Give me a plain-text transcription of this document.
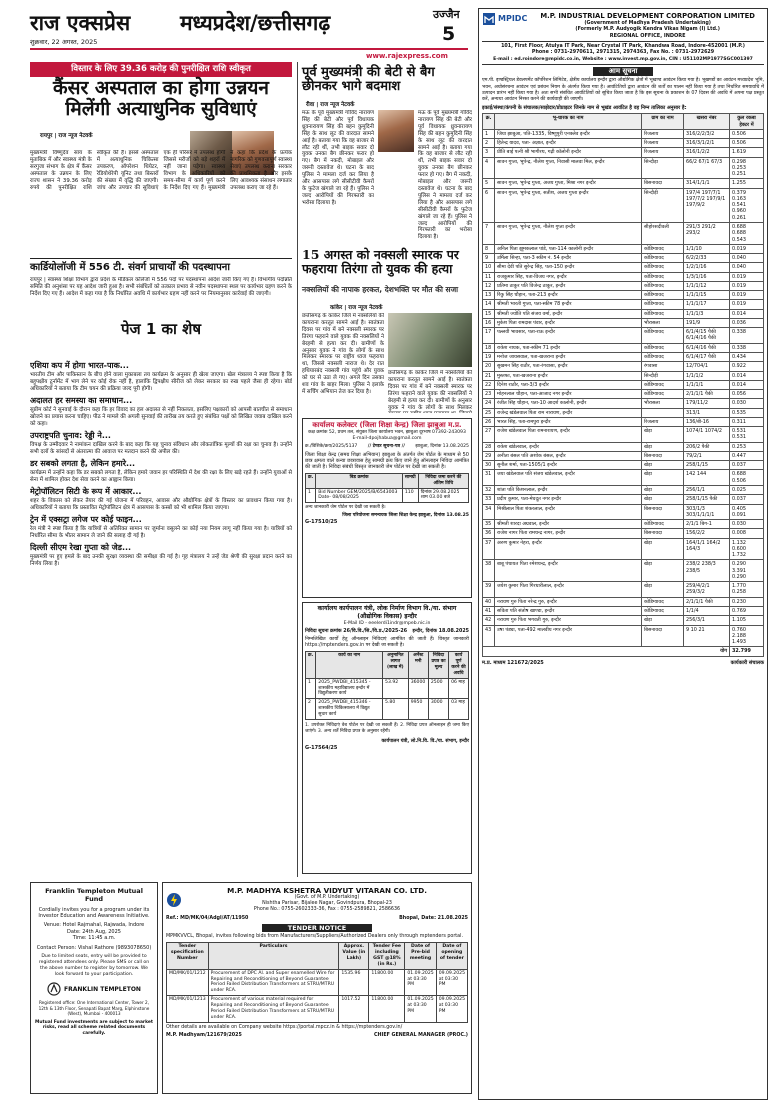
राज एक्सप्रेस मध्यप्रदेश/छत्तीसगढ़	उज्जैन
5
शुक्रवार, 22 अगस्त, 2025
www.rajexpress.com
विस्तार के लिए 39.36 करोड़ की पुनरीक्षित राशि स्वीकृत
कैंसर अस्पताल का होगा उन्नयन मिलेंगी अत्याधुनिक सुविधाएं
रायपुर | राज न्यूज नेटवर्क
मुख्यमंत्री विष्णुदेव साय के मुताबिक में और स्वास्थ्य मंत्री के सरगुजा संभाग के क्षेत्र में कैंसर अस्पताल के उन्नयन के लिए राज्य शासन ने 39.36 करोड़ रुपये की पुनरीक्षित राशि स्वीकृत की है। इससे अस्पताल में अत्याधुनिक चिकित्सा उपकरण, ऑपरेशन थियेटर, रेडियोथेरेपी यूनिट तथा बिस्तरों की संख्या में वृद्धि की जाएगी। जांच और उपचार की सुविधाएं एक ही परिसर में उपलब्ध होंगी जिससे मरीजों को बड़े शहरों में नहीं जाना पड़ेगा। स्वास्थ्य विभाग के अधिकारियों को समय-सीमा में कार्य पूर्ण करने के निर्देश दिए गए हैं। मुख्यमंत्री ने कहा कि प्रदेश के प्रत्येक नागरिक को गुणवत्तापूर्ण स्वास्थ्य सेवाएं उपलब्ध कराना सरकार की प्राथमिकता है और इसके लिए आवश्यक संसाधन लगातार उपलब्ध कराए जा रहे हैं।
पूर्व मुख्यमंत्री की बेटी से बैग छीनकर भागे बदमाश
रीवा | राज न्यूज नेटवर्क
मऊ के पूर्व मुख्यमंत्री गोविंद नारायण सिंह की बेटी और पूर्व विधायक ध्रुवनारायण सिंह की बहन कुमुदिनी सिंह के साथ लूट की वारदात सामने आई है। बताया गया कि वह बाजार से लौट रही थीं, तभी बाइक सवार दो युवक उनका बैग छीनकर फरार हो गए। बैग में नकदी, मोबाइल और जरूरी दस्तावेज थे। घटना के बाद पुलिस ने मामला दर्ज कर लिया है और आसपास लगे सीसीटीवी कैमरों के फुटेज खंगाले जा रहे हैं। पुलिस ने जल्द आरोपियों की गिरफ्तारी का भरोसा दिलाया है।
मऊ के पूर्व मुख्यमंत्री गोविंद नारायण सिंह की बेटी और पूर्व विधायक ध्रुवनारायण सिंह की बहन कुमुदिनी सिंह के साथ लूट की वारदात सामने आई है। बताया गया कि वह बाजार से लौट रही थीं, तभी बाइक सवार दो युवक उनका बैग छीनकर फरार हो गए। बैग में नकदी, मोबाइल और जरूरी दस्तावेज थे। घटना के बाद पुलिस ने मामला दर्ज कर लिया है और आसपास लगे सीसीटीवी कैमरों के फुटेज खंगाले जा रहे हैं। पुलिस ने जल्द आरोपियों की गिरफ्तारी का भरोसा दिलाया है।
कार्डियोलॉजी में 556 टी. संवर्ग प्राचार्यों की पदस्थापना
रायपुर | स्वास्थ्य शिक्षा विभाग द्वारा प्रदेश के मेडिकल कॉलेजों में 556 पदों पर पदस्थापना आदेश जारी किए गए हैं। विभागीय पदोन्नति समिति की अनुशंसा पर यह आदेश जारी हुआ है। सभी संबंधितों को तत्काल प्रभाव से नवीन पदस्थापना स्थल पर कार्यभार ग्रहण करने के निर्देश दिए गए हैं। आदेश में कहा गया है कि निर्धारित अवधि में कार्यभार ग्रहण नहीं करने पर नियमानुसार कार्रवाई की जाएगी।
15 अगस्त को नक्सली स्मारक पर फहराया तिरंगा तो युवक की हत्या
नक्सलियों की नापाक हरकत, देशभक्ति पर मौत की सजा
कांकेर | राज न्यूज नेटवर्क
छत्तीसगढ़ के कांकेर जिले में नक्सलियों की कायराना करतूत सामने आई है। स्वतंत्रता दिवस पर गांव में बने नक्सली स्मारक पर तिरंगा फहराने वाले युवक की नक्सलियों ने बेरहमी से हत्या कर दी। ग्रामीणों के अनुसार युवक ने गांव के लोगों के साथ मिलकर स्मारक पर राष्ट्रीय ध्वज फहराया था, जिससे नक्सली नाराज थे। देर रात हथियारबंद नक्सली गांव पहुंचे और युवक को घर से उठा ले गए। अगले दिन उसका शव गांव के बाहर मिला। पुलिस ने इलाके में सर्चिंग अभियान तेज कर दिया है।
छत्तीसगढ़ के कांकेर जिले में नक्सलियों की कायराना करतूत सामने आई है। स्वतंत्रता दिवस पर गांव में बने नक्सली स्मारक पर तिरंगा फहराने वाले युवक की नक्सलियों ने बेरहमी से हत्या कर दी। ग्रामीणों के अनुसार युवक ने गांव के लोगों के साथ मिलकर
पेज 1 का शेष
एशिया कप में होगा भारत-पाक...
भारतीय टीम और पाकिस्तान के बीच होने वाला मुकाबला तय कार्यक्रम के अनुसार ही खेला जाएगा। खेल मंत्रालय ने स्पष्ट किया है कि बहुपक्षीय टूर्नामेंट में भाग लेने पर कोई रोक नहीं है, हालांकि द्विपक्षीय सीरीज को लेकर सरकार का रुख पहले जैसा ही रहेगा। बोर्ड अधिकारियों ने बताया कि टीम चयन की प्रक्रिया जल्द पूरी होगी।
अदालत हर समस्या का समाधान...
सुप्रीम कोर्ट ने सुनवाई के दौरान कहा कि हर विवाद का हल अदालत से नहीं निकलता, इसलिए पक्षकारों को आपसी बातचीत से समाधान खोजने का प्रयास करना चाहिए। पीठ ने मामले की अगली सुनवाई की तारीख तय करते हुए संबंधित पक्षों को लिखित जवाब दाखिल करने को कहा।
उपराष्ट्रपति चुनाव: रेड्डी ने...
विपक्ष के उम्मीदवार ने नामांकन दाखिल करने के बाद कहा कि यह चुनाव संविधान और लोकतांत्रिक मूल्यों की रक्षा का चुनाव है। उन्होंने सभी दलों के सांसदों से अंतरात्मा की आवाज पर मतदान करने की अपील की।
डर सबको लगता है, लेकिन हमारे...
कार्यक्रम में उन्होंने कहा कि डर सबको लगता है, लेकिन हमारे जवान हर परिस्थिति में देश की रक्षा के लिए खड़े रहते हैं। उन्होंने युवाओं से सेना में शामिल होकर देश सेवा करने का आह्वान किया।
मेट्रोपॉलिटन सिटी के रूप में आकार...
शहर के विकास को लेकर तैयार की गई योजना में परिवहन, आवास और औद्योगिक क्षेत्रों के विस्तार का प्रावधान किया गया है। अधिकारियों ने बताया कि प्रस्तावित मेट्रोपॉलिटन क्षेत्र में आसपास के कस्बों को भी शामिल किया जाएगा।
ट्रेन में एक्सट्रा लगेज पर कोई फाइन...
रेल मंत्री ने स्पष्ट किया है कि यात्रियों से अतिरिक्त सामान पर जुर्माना वसूलने का कोई नया नियम लागू नहीं किया गया है। यात्रियों को निर्धारित सीमा के भीतर सामान ले जाने की सलाह दी गई है।
दिल्ली सीएम रेखा गुप्ता को जेड...
मुख्यमंत्री पर हुए हमले के बाद उनकी सुरक्षा व्यवस्था की समीक्षा की गई है। गृह मंत्रालय ने उन्हें जेड श्रेणी की सुरक्षा प्रदान करने का निर्णय लिया है।
कार्यालय कलेक्टर (जिला शिक्षा केन्द्र) जिला झाबुआ म.प्र.
कक्ष क्रमांक 52, प्रथम तल, संयुक्त जिला कार्यालय भवन, झाबुआ दूरभाष 07392-243093
E-mail-dpojhabua@gmail.com
क्र./विशिके/क्रय/2025/5137 // टेण्डर सूचना-पत्र // झाबुआ, दिनांक 13.08.2025
जिला शिक्षा केन्द्र (समग्र शिक्षा अभियान) झाबुआ के अंतर्गत जेम पोर्टल के माध्यम से 50 छात्र क्षमता वाले कन्या छात्रावास हेतु सामग्री क्रय किए जाने हेतु ऑनलाइन निविदा आमंत्रित की जाती है। निविदा संबंधी विस्तृत जानकारी जेम पोर्टल पर देखी जा सकती है।
क्र.	बिड क्रमांक	सामग्री	निविदा जमा करने की अंतिम तिथि
1	Bid Number GEM/2025/B/6543003 Date- 08/08/2025	110	दिनांक 29.08.2025 शाम 03.00 बजे
अन्य जानकारी जेम पोर्टल पर देखी जा सकती है।
जिला परियोजना समन्वयक जिला शिक्षा केन्द्र झाबुआ, दिनांक 13.08.25
G-17510/25
कार्यालय कार्यपालन यंत्री, लोक निर्माण विभाग वि./या. संभाग (औद्योगिक विकास) इन्दौर
E-Mail ID - eeelerdi1indr@mpeb.nic.in
निविदा सूचना क्रमांक 26/वि.वि./सि./वि.प्र./2025-26 इन्दौर, दिनांक 18.08.2025
निम्नलिखित कार्यों हेतु ऑनलाइन निविदाएं आमंत्रित की जाती हैं। विस्तृत जानकारी https://mptenders.gov.in पर देखी जा सकती है।
क्र.	कार्य का नाम	अनुमानित लागत (लाख में)	अर्नेस्ट मनी	निविदा प्रपत्र का मूल्य	कार्य पूर्ण करने की अवधि
1	2025_PWDBI_415345 - शासकीय महाविद्यालय इन्दौर में विद्युतीकरण कार्य	53.92	36000	2500	06 माह
2	2025_PWDBI_415346 - शासकीय चिकित्सालय में विद्युत सुधार कार्य	5.80	9950	3000	03 माह
1. उपरोक्त निविदाएं वेब पोर्टल पर देखी जा सकती हैं। 2. निविदा प्रपत्र ऑनलाइन ही जमा किए जाएंगे। 3. अन्य शर्तें निविदा प्रपत्र के अनुसार रहेंगी।
कार्यपालन यंत्री, लो.नि.वि. वि./या. संभाग, इन्दौर
G-17564/25
Franklin Templeton Mutual Fund
Cordially invites you for a program under its Investor Education and Awareness Initiative.
Venue: Hotel Rajmahal, Rajwada, Indore
Date: 24th Aug, 2025
Time: 11:45 a.m.
Contact Person: Vishal Rathore (9893078650)
Due to limited seats, entry will be provided to registered attendees only. Please SMS or call on the above number to register by tomorrow. We look forward to your participation.
FRANKLIN TEMPLETON
Registered office: One International Center, Tower 2, 12th & 13th Floor, Senapati Bapat Marg, Elphinstone (West), Mumbai - 400013
Mutual Fund investments are subject to market risks, read all scheme related documents carefully.
M.P. MADHYA KSHETRA VIDYUT VITARAN CO. LTD.
(Govt. of M.P. Undertaking)
Nishtha Parisar, Bijalee Nagar, Govindpura, Bhopal-23
Phone No.: 0755-2602333-36, Fax : 0755-2589821, 2586636
Ref.: MD/MK/04/Adgl/AT/11950	Bhopal, Date: 21.08.2025
TENDER NOTICE
MPMKVVCL, Bhopal, invites following bids from Manufacturers/Suppliers/Authorized Dealers only through mptenders portal.
Tender specification Number	Particulars	Approx. Value (in Lakh)	Tender Fee including GST @18% (in Rs.)	Date of Pre-bid meeting	Date of opening of tender
MD/MK/01/1212	Procurement of DPC Al. and Super enamelled Wire for Repairing and Reconditioning of Beyond Guarantee Period Failed Distribution Transformers at STRU/MTRU under RCA.	1535.96	11800.00	01.09.2025 at 03:30 PM	09.09.2025 at 03:30 PM
MD/MK/01/1213	Procurement of various material required for Repairing and Reconditioning of Beyond Guarantee Period Failed Distribution Transformers at STRU/MTRU under RCA.	1017.52	11800.00	01.09.2025 at 03:30 PM	09.09.2025 at 03:30 PM
Other details are available on Company website https://portal.mpcz.in & https://mptenders.gov.in/
M.P. Madhyam/121679/2025	CHIEF GENERAL MANAGER (PROC.)
MPIDC	M.P. INDUSTRIAL DEVELOPMENT CORPORATION LIMITED
(Government of Madhya Pradesh Undertaking)
(Formerly M.P. Audyogik Kendra Vikas Nigam (I) Ltd.)
REGIONAL OFFICE, INDORE
101, First Floor, Atulya IT Park, Near Crystal IT Park, Khandwa Road, Indore-452001 (M.P.)
Phone : 0731-2970611, 2971315, 2974363, Fax No. : 0731-2972629
E-mail : ed.roindore@mpidc.co.in, Website : www.invest.mp.gov.in, CIN : U51102MP1977SGC001397
आम सूचना
एम.पी. इण्डस्ट्रियल डेवलपमेंट कॉर्पोरेशन लिमिटेड, क्षेत्रीय कार्यालय इन्दौर द्वारा औद्योगिक क्षेत्रों में भूखण्ड आवंटन किया गया है। भूखण्डों का आवंटन मध्यप्रदेश भूमि, भवन, अधोसंरचना आवंटन एवं प्रबंधन नियम के अंतर्गत किया गया है। आवंटितियों द्वारा आवंटन की शर्तों का पालन नहीं किया गया है तथा निर्धारित समयावधि में उत्पादन प्रारंभ नहीं किया गया है। अतः सभी संबंधित आवंटितियों को सूचित किया जाता है कि इस सूचना के प्रकाशन के 07 दिवस की अवधि में अपना पक्ष प्रस्तुत करें, अन्यथा आवंटन निरस्त करने की कार्यवाही की जाएगी।
इकाई/संस्था/कंपनी के संचालक/साझेदार/प्रोप्राइटर जिनके नाम से भूखंड आवंटित है वह निम्न तालिका अनुसार है:
क्र.	भू-धारक का नाम	ग्राम का नाम	खसरा नंबर	कुल रकबा हेक्टर में
1	जिया झाबुआ, पति-1335, विष्णुपुरी एनक्लेव इन्दौर	रिजलाय	316/2/2/3/2	0.506
2	हितेन्द्र यादव, पता- अज्ञात, इन्दौर	रिजलाय	316/3/1/2/1	0.506
3	प्रीति बाई पत्नी श्री भागीरथ, गढ़ी कॉलोनी इन्दौर	रिजलाय	316/1/2/2	1.619
4	सावन गुप्ता, भूपेन्द्र, नीलेश गुप्ता, निवासी मालवा मिल, इन्दौर	सिन्दौड़ा	66/2 67/1 67/3	0.298 0.253 0.251
5	सावन गुप्ता, भूपेन्द्र गुप्ता, अजय गुप्ता, मिश्रा नगर इन्दौर	बिसनावदा	314/1/1/1	1.255
6	सावन गुप्ता, भूपेन्द्र गुप्ता, सतीश, अजय गुप्ता इन्दौर	सिन्दौड़ी	197/4 197/7/1 197/7/2 197/9/1 197/9/2	0.379 0.163 0.541 0.960 0.261
7	सावन गुप्ता, भूपेन्द्र गुप्ता, नीलेश गुप्ता इन्दौर	सीहोरसदीवली	291/3 291/2 293/2	0.688 0.688 0.543
8	अनिल पिता झूमकलाल पांडे, पता-114 कालोनी इन्दौर	कोडिग्यावद	1/1/10	0.019
9	उर्मिला सिन्हा, पता-3 स्कीम नं. 54 इन्दौर	कोडिग्यावद	6/2/2/33	0.040
10	सीमा देवी पति सुरेन्द्र सिंह, पता-150 इन्दौर	कोडिग्यावद	1/2/1/16	0.040
11	राजकुमार सिंह, पता-विजय नगर, इन्दौर	कोडिग्यावद	1/3/1/16	0.019
12	प्रतिमा ठाकुर पति विजेन्द्र ठाकुर, इन्दौर	कोडिग्यावद	1/1/1/12	0.019
13	रिंकु सिंह चौहान, पता-213 इन्दौर	कोडिग्यावद	1/1/1/15	0.019
14	श्रीमती भारती गुप्ता, पता-स्कीम 78 इन्दौर	कोडिग्यावद	1/1/1/17	0.019
15	श्रीमती ज्योति पति संजय वर्मा, इन्दौर	कोडिग्यावद	1/1/1/3	0.014
16	मुकेश पिता रामदास पंवार, इन्दौर	भौरासला	191/9	0.036
17	पल्लवी भावसार, पता-राऊ इन्दौर	कोडिग्यावद	6/1/4/15 पैकी 6/1/4/16 पैकी	0.338
18	राकेश नायक, पता-स्कीम 71 इन्दौर	कोडिग्यावद	6/1/4/16 पैकी	0.338
19	मनोज जायसवाल, पता-खजराना इन्दौर	कोडिग्यावद	6/1/4/17 पैकी	0.434
20	सुखमन सिंह राठौर, पता-रंगवासा, इन्दौर	रंगवासा	12/704/1	0.922
21	मुस्तफा, पता-खजराना इन्दौर	सिन्दौड़ी	1/1/1/2	0.014
22	दिनेश राठौर, पता-3/3 इन्दौर	कोडिग्यावद	1/1/1/1	0.014
23	मोहनलाल चौहान, पता-आजाद नगर इन्दौर	कोडिग्यावद	2/1/1/1 पैकी	0.056
24	रंजीत सिंह चौहान, पता-10 आदर्श कालोनी, इन्दौर	भौरासला	179/11/2	0.030
25	राजेन्द्र खंडेलवाल पिता राम नारायण, इन्दौर		313/1	0.535
26	भारत सिंह, पता-रामपुरा इन्दौर	रिजलाय	136/बी-16	0.311
27	राजेश खंडेलवाल पिता रामनारायण, इन्दौर	खेड़ा	1074/1 1074/2	0.531 0.531
28	राकेश खंडेलवाल, इन्दौर	खेड़ा	206/2 पैकी	0.253
29	अनीता बंसल पति अशोक बंसल, इन्दौर	बिसनावदा	79/2/1	0.447
30	सुनील शर्मा, पता-1505/1 इन्दौर	खेड़ा	258/1/15	0.037
31	जया खंडेलवाल पति संजय खंडेलवाल, इन्दौर	खेड़ा	142 144	0.688 0.506
32	शांता पति किशनलाल, इन्दौर	खेड़ा	256/1/1	0.025
33	प्रदीप कुमार, पता-मेघदूत नगर इन्दौर	खेड़ा	258/1/15 पैकी	0.037
34	मिश्रीलाल पिता शंकरलाल, इन्दौर	बिसनावदा	303/1/3 303/1/1/1/1	0.405 0.091
35	श्रीमती शारदा अग्रवाल, इन्दौर	कोडिग्यावद	2/1/1 बिग-1	0.030
36	राजेश नागर पिता रामचन्द्र नागर, इन्दौर	बिसनावदा	156/2/2	0.008
37	अरुण कुमार नेहरा, इन्दौर	खेड़ा	164/1/1 164/2 164/3	1.132 0.600 1.732
38	बाबू पंचायत पिता रमेशचन्द्र, इन्दौर	खेड़ा	238/2 238/3 238/5	0.290 3.391 0.290
39	जयेश कुमार पिता गिरधारीलाल, इन्दौर	खेड़ा	259/4/2/1 259/3/2	1.770 0.258
40	नरायण गुरु पिता नरेन्द्र गुरु, इन्दौर	कोडिग्यावद	2/1/1/1 पैकी	0.230
41	सविता पति संतोष खाण्डा, इन्दौर	कोडिग्यावद	1/1/4	0.769
42	नरायण गुरु पिता भगवती गुरु, इन्दौर	खेड़ा	256/3/1	1.105
43	उषा पंड्या, पता-492 मालवीय नगर इन्दौर	बिसनावदा	9 10 21	0.760 2.188 1.493
योग				32.799
म.प्र. माध्यम 121672/2025	कार्यकारी संचालक
